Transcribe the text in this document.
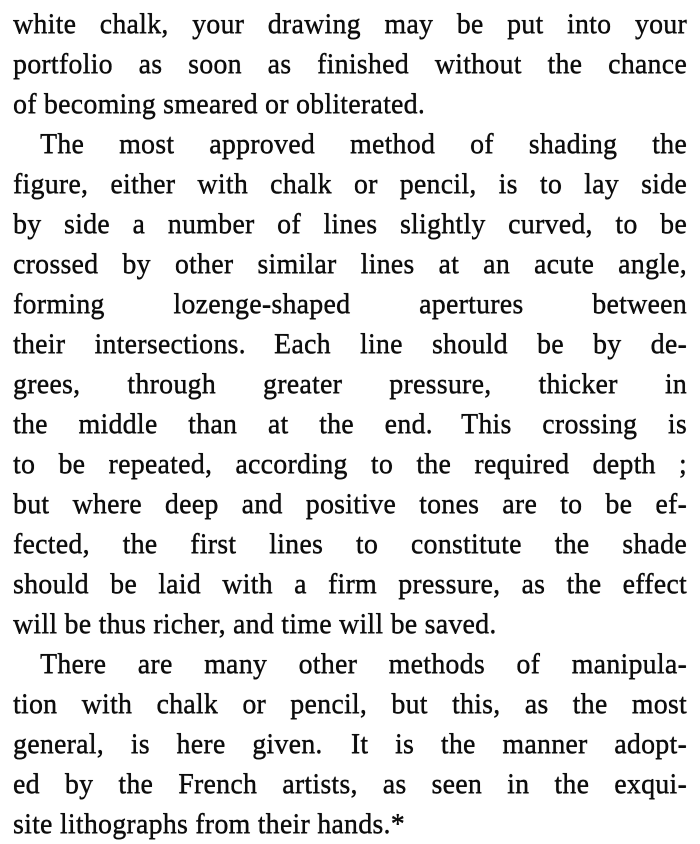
white chalk, your drawing may be put into your
portfolio as soon as finished without the chance
of becoming smeared or obliterated.
The most approved method of shading the
figure, either with chalk or pencil, is to lay side
by side a number of lines slightly curved, to be
crossed by other similar lines at an acute angle,
forming lozenge-shaped apertures between
their intersections. Each line should be by de-
grees, through greater pressure, thicker in
the middle than at the end. This crossing is
to be repeated, according to the required depth ;
but where deep and positive tones are to be ef-
fected, the first lines to constitute the shade
should be laid with a firm pressure, as the effect
will be thus richer, and time will be saved.
There are many other methods of manipula-
tion with chalk or pencil, but this, as the most
general, is here given. It is the manner adopt-
ed by the French artists, as seen in the exqui-
site lithographs from their hands.*
